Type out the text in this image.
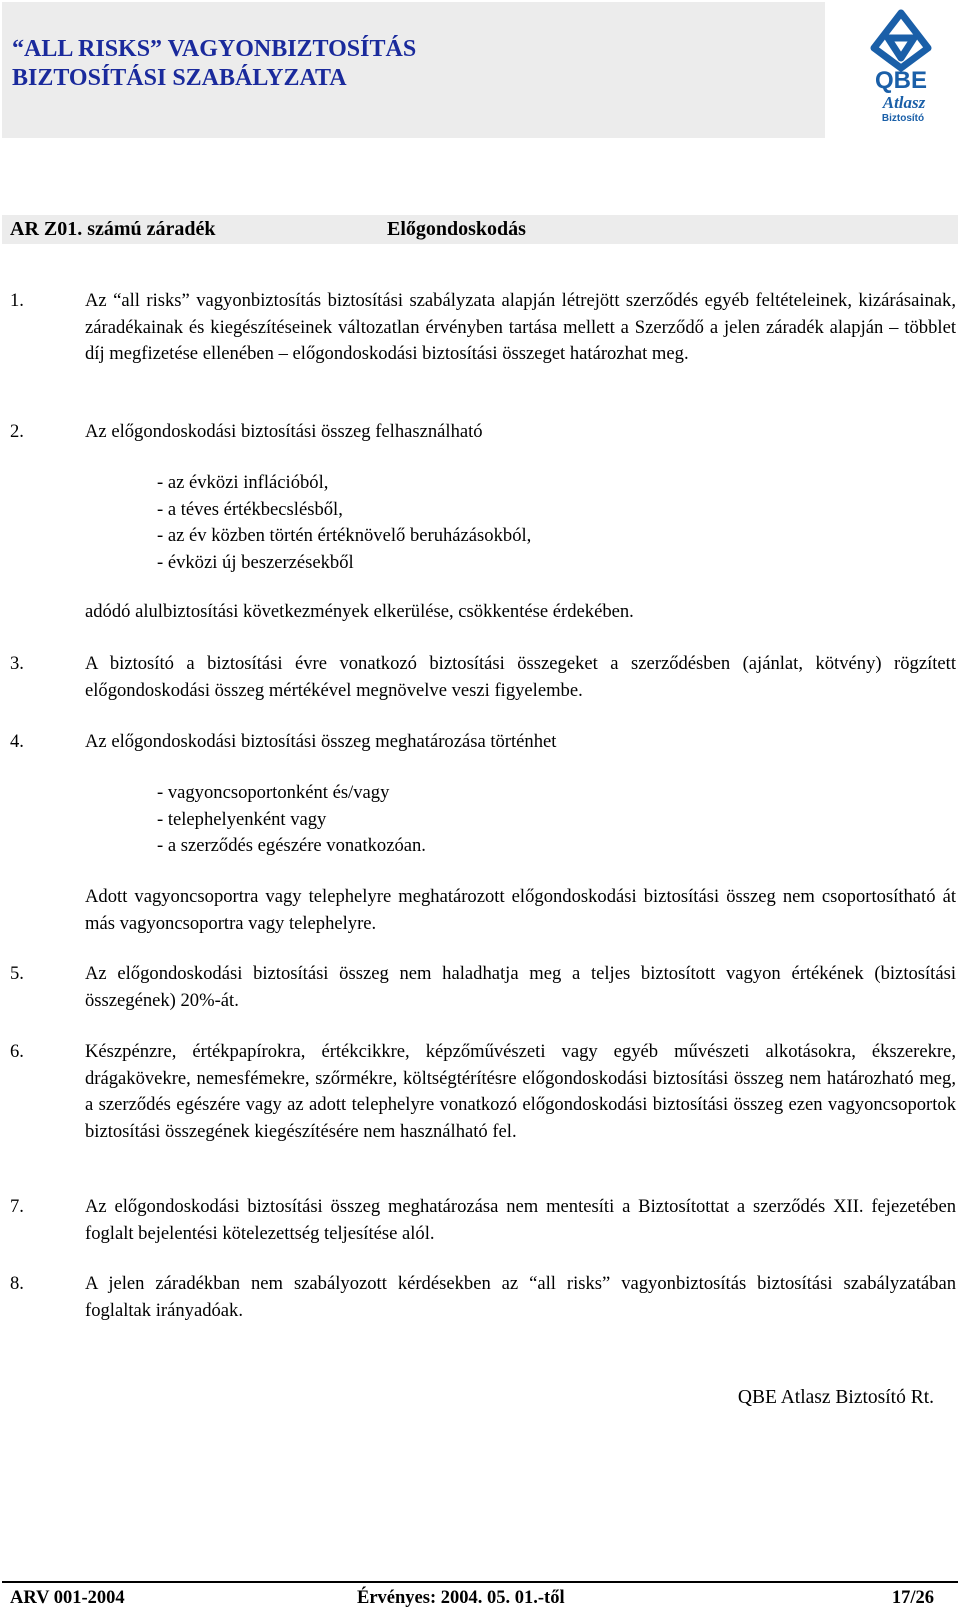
“ALL RISKS” VAGYONBIZTOSÍTÁS
BIZTOSÍTÁSI SZABÁLYZATA	QBE
Atlasz
Biztosító
AR Z01. számú záradék	Előgondoskodás
1.	Az “all risks” vagyonbiztosítás biztosítási szabályzata alapján létrejött szerződés egyéb feltételeinek, kizárásainak, záradékainak és kiegészítéseinek változatlan érvényben tartása mellett a Szerződő a jelen záradék alapján – többlet díj megfizetése ellenében – előgondoskodási biztosítási összeget határozhat meg.
2.	Az előgondoskodási biztosítási összeg felhasználható
- az évközi inflációból,
- a téves értékbecslésből,
- az év közben történ értéknövelő beruházásokból,
- évközi új beszerzésekből
adódó alulbiztosítási következmények elkerülése, csökkentése érdekében.
3.	A biztosító a biztosítási évre vonatkozó biztosítási összegeket a szerződésben (ajánlat, kötvény) rögzített előgondoskodási összeg mértékével megnövelve veszi figyelembe.
4.	Az előgondoskodási biztosítási összeg meghatározása történhet
- vagyoncsoportonként és/vagy
- telephelyenként vagy
- a szerződés egészére vonatkozóan.
Adott vagyoncsoportra vagy telephelyre meghatározott előgondoskodási biztosítási összeg nem csoportosítható át más vagyoncsoportra vagy telephelyre.
5.	Az előgondoskodási biztosítási összeg nem haladhatja meg a teljes biztosított vagyon értékének (biztosítási összegének) 20%-át.
6.	Készpénzre, értékpapírokra, értékcikkre, képzőművészeti vagy egyéb művészeti alkotásokra, ékszerekre, drágakövekre, nemesfémekre, szőrmékre, költségtérítésre előgondoskodási biztosítási összeg nem határozható meg, a szerződés egészére vagy az adott telephelyre vonatkozó előgondoskodási biztosítási összeg ezen vagyoncsoportok biztosítási összegének kiegészítésére nem használható fel.
7.	Az előgondoskodási biztosítási összeg meghatározása nem mentesíti a Biztosítottat a szerződés XII. fejezetében foglalt bejelentési kötelezettség teljesítése alól.
8.	A jelen záradékban nem szabályozott kérdésekben az “all risks” vagyonbiztosítás biztosítási szabályzatában foglaltak irányadóak.
QBE Atlasz Biztosító Rt.
ARV 001-2004	Érvényes: 2004. 05. 01.-től	17/26
